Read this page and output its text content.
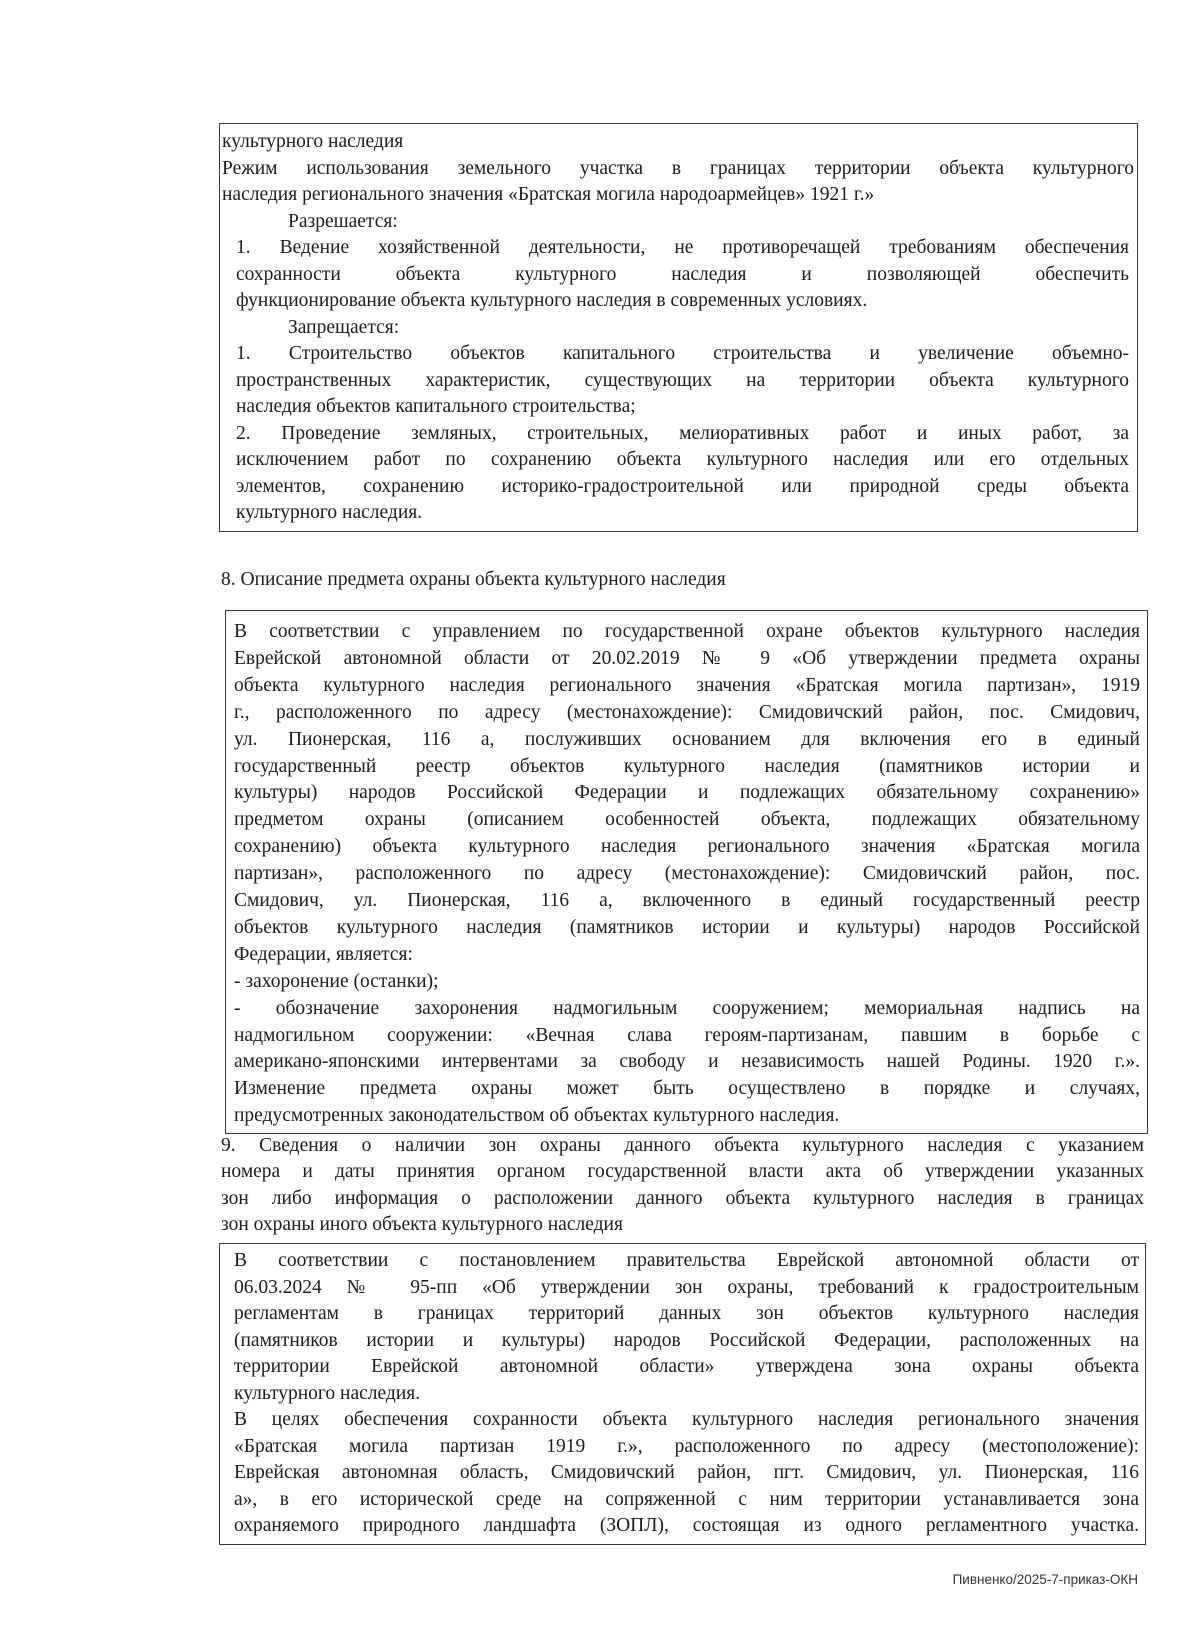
культурного наследия
Режим использования земельного участка в границах территории объекта культурного
наследия регионального значения «Братская могила народоармейцев» 1921 г.»
Разрешается:
1. Ведение хозяйственной деятельности, не противоречащей требованиям обеспечения
сохранности объекта культурного наследия и позволяющей обеспечить
функционирование объекта культурного наследия в современных условиях.
Запрещается:
1. Строительство объектов капитального строительства и увеличение объемно-
пространственных характеристик, существующих на территории объекта культурного
наследия объектов капитального строительства;
2. Проведение земляных, строительных, мелиоративных работ и иных работ, за
исключением работ по сохранению объекта культурного наследия или его отдельных
элементов, сохранению историко-градостроительной или природной среды объекта
культурного наследия.
8. Описание предмета охраны объекта культурного наследия
В соответствии с управлением по государственной охране объектов культурного наследия
Еврейской автономной области от 20.02.2019 № 9 «Об утверждении предмета охраны
объекта культурного наследия регионального значения «Братская могила партизан», 1919
г., расположенного по адресу (местонахождение): Смидовичский район, пос. Смидович,
ул. Пионерская, 116 а, послуживших основанием для включения его в единый
государственный реестр объектов культурного наследия (памятников истории и
культуры) народов Российской Федерации и подлежащих обязательному сохранению»
предметом охраны (описанием особенностей объекта, подлежащих обязательному
сохранению) объекта культурного наследия регионального значения «Братская могила
партизан», расположенного по адресу (местонахождение): Смидовичский район, пос.
Смидович, ул. Пионерская, 116 а, включенного в единый государственный реестр
объектов культурного наследия (памятников истории и культуры) народов Российской
Федерации, является:
- захоронение (останки);
- обозначение захоронения надмогильным сооружением; мемориальная надпись на
надмогильном сооружении: «Вечная слава героям-партизанам, павшим в борьбе с
американо-японскими интервентами за свободу и независимость нашей Родины. 1920 г.».
Изменение предмета охраны может быть осуществлено в порядке и случаях,
предусмотренных законодательством об объектах культурного наследия.
9. Сведения о наличии зон охраны данного объекта культурного наследия с указанием
номера и даты принятия органом государственной власти акта об утверждении указанных
зон либо информация о расположении данного объекта культурного наследия в границах
зон охраны иного объекта культурного наследия
В соответствии с постановлением правительства Еврейской автономной области от
06.03.2024 № 95-пп «Об утверждении зон охраны, требований к градостроительным
регламентам в границах территорий данных зон объектов культурного наследия
(памятников истории и культуры) народов Российской Федерации, расположенных на
территории Еврейской автономной области» утверждена зона охраны объекта
культурного наследия.
В целях обеспечения сохранности объекта культурного наследия регионального значения
«Братская могила партизан 1919 г.», расположенного по адресу (местоположение):
Еврейская автономная область, Смидовичский район, пгт. Смидович, ул. Пионерская, 116
а», в его исторической среде на сопряженной с ним территории устанавливается зона
охраняемого природного ландшафта (ЗОПЛ), состоящая из одного регламентного участка.
Пивненко/2025-7-приказ-ОКН
